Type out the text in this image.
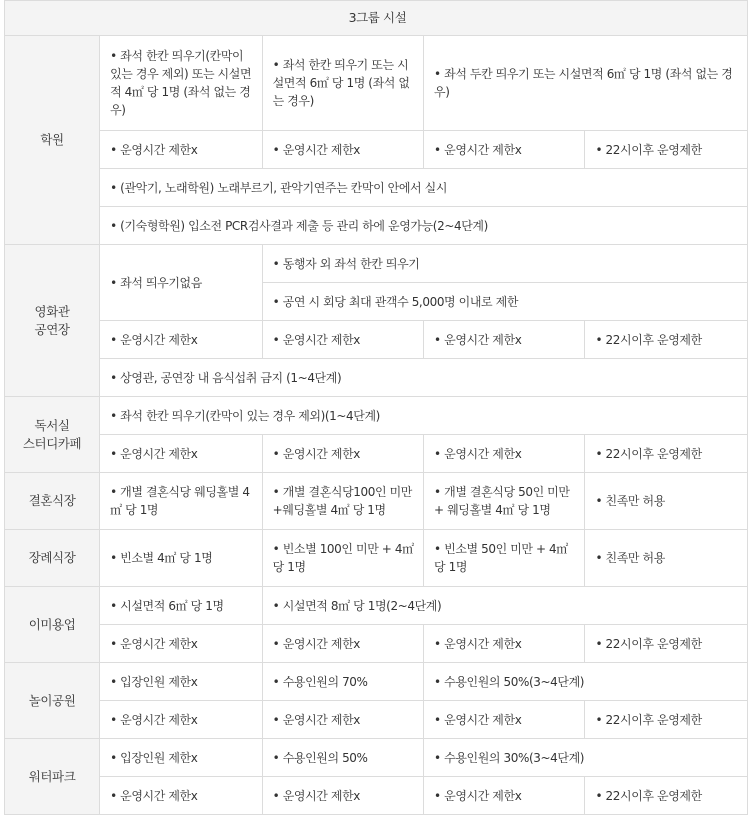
3그룹 시설				
학원	• 좌석 한칸 띄우기(칸막이 있는 경우 제외) 또는 시설면적 4㎡ 당 1명 (좌석 없는 경우)	• 좌석 한칸 띄우기 또는 시설면적 6㎡ 당 1명 (좌석 없는 경우)	• 좌석 두칸 띄우기 또는 시설면적 6㎡ 당 1명 (좌석 없는 경우)	
	• 운영시간 제한x	• 운영시간 제한x	• 운영시간 제한x	• 22시이후 운영제한
	• (관악기, 노래학원) 노래부르기, 관악기연주는 칸막이 안에서 실시			
	• (기숙형학원) 입소전 PCR검사결과 제출 등 관리 하에 운영가능(2~4단계)			
영화관
공연장	• 좌석 띄우기없음	• 동행자 외 좌석 한칸 띄우기		
		• 공연 시 회당 최대 관객수 5,000명 이내로 제한		
	• 운영시간 제한x	• 운영시간 제한x	• 운영시간 제한x	• 22시이후 운영제한
	• 상영관, 공연장 내 음식섭취 금지 (1~4단계)			
독서실
스터디카페	• 좌석 한칸 띄우기(칸막이 있는 경우 제외)(1~4단계)			
	• 운영시간 제한x	• 운영시간 제한x	• 운영시간 제한x	• 22시이후 운영제한
결혼식장	• 개별 결혼식당 웨딩홀별 4㎡ 당 1명	• 개별 결혼식당100인 미만 +웨딩홀별 4㎡ 당 1명	• 개별 결혼식당 50인 미만 + 웨딩홀별 4㎡ 당 1명	• 친족만 허용
장례식장	• 빈소별 4㎡ 당 1명	• 빈소별 100인 미만 + 4㎡ 당 1명	• 빈소별 50인 미만 + 4㎡ 당 1명	• 친족만 허용
이미용업	• 시설면적 6㎡ 당 1명	• 시설면적 8㎡ 당 1명(2~4단계)		
	• 운영시간 제한x	• 운영시간 제한x	• 운영시간 제한x	• 22시이후 운영제한
놀이공원	• 입장인원 제한x	• 수용인원의 70%	• 수용인원의 50%(3~4단계)	
	• 운영시간 제한x	• 운영시간 제한x	• 운영시간 제한x	• 22시이후 운영제한
워터파크	• 입장인원 제한x	• 수용인원의 50%	• 수용인원의 30%(3~4단계)	
	• 운영시간 제한x	• 운영시간 제한x	• 운영시간 제한x	• 22시이후 운영제한
